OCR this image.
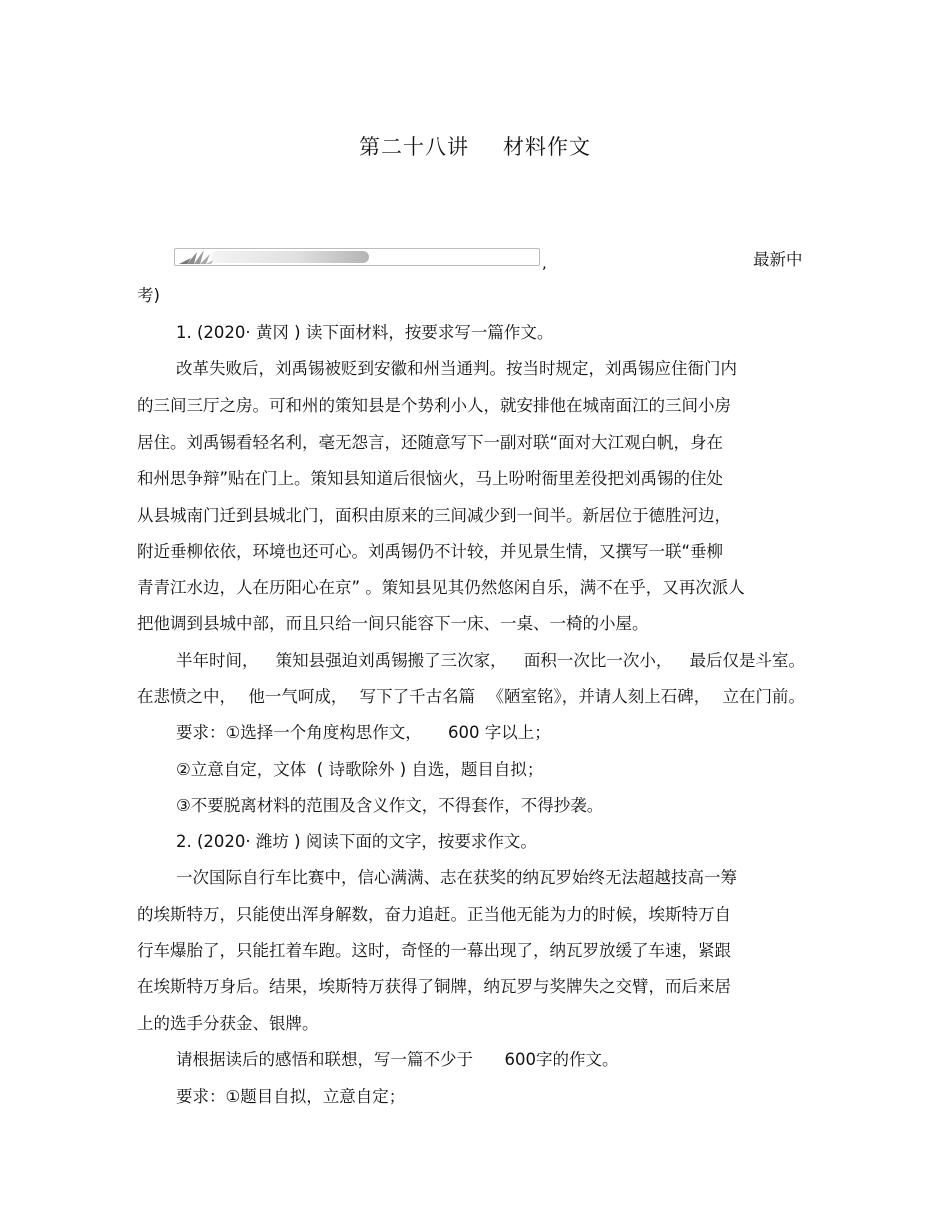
第二十八讲 材料作文
,	最新中
考)
1. (2020· 黄冈 ) 读下面材料，按要求写一篇作文。
改革失败后，刘禹锡被贬到安徽和州当通判。按当时规定，刘禹锡应住衙门内
的三间三厅之房。可和州的策知县是个势利小人，就安排他在城南面江的三间小房
居住。刘禹锡看轻名利，毫无怨言，还随意写下一副对联“面对大江观白帆，身在
和州思争辩”贴在门上。策知县知道后很恼火，马上吩咐衙里差役把刘禹锡的住处
从县城南门迁到县城北门，面积由原来的三间减少到一间半。新居位于德胜河边，
附近垂柳依依，环境也还可心。刘禹锡仍不计较，并见景生情，又撰写一联“垂柳
青青江水边，人在历阳心在京” 。策知县见其仍然悠闲自乐，满不在乎，又再次派人
把他调到县城中部，而且只给一间只能容下一床、一桌、一椅的小屋。
半年时间， 策知县强迫刘禹锡搬了三次家， 面积一次比一次小， 最后仅是斗室。
在悲愤之中， 他一气呵成， 写下了千古名篇 《陋室铭》，并请人刻上石碑， 立在门前。
要求：①选择一个角度构思作文，     600 字以上；
②立意自定，文体  ( 诗歌除外 ) 自选，题目自拟；
③不要脱离材料的范围及含义作文，不得套作，不得抄袭。
2. (2020· 潍坊 ) 阅读下面的文字，按要求作文。
一次国际自行车比赛中，信心满满、志在获奖的纳瓦罗始终无法超越技高一筹
的埃斯特万，只能使出浑身解数，奋力追赶。正当他无能为力的时候，埃斯特万自
行车爆胎了，只能扛着车跑。这时，奇怪的一幕出现了，纳瓦罗放缓了车速，紧跟
在埃斯特万身后。结果，埃斯特万获得了铜牌，纳瓦罗与奖牌失之交臂，而后来居
上的选手分获金、银牌。
请根据读后的感悟和联想，写一篇不少于      600字的作文。
要求：①题目自拟，立意自定；
